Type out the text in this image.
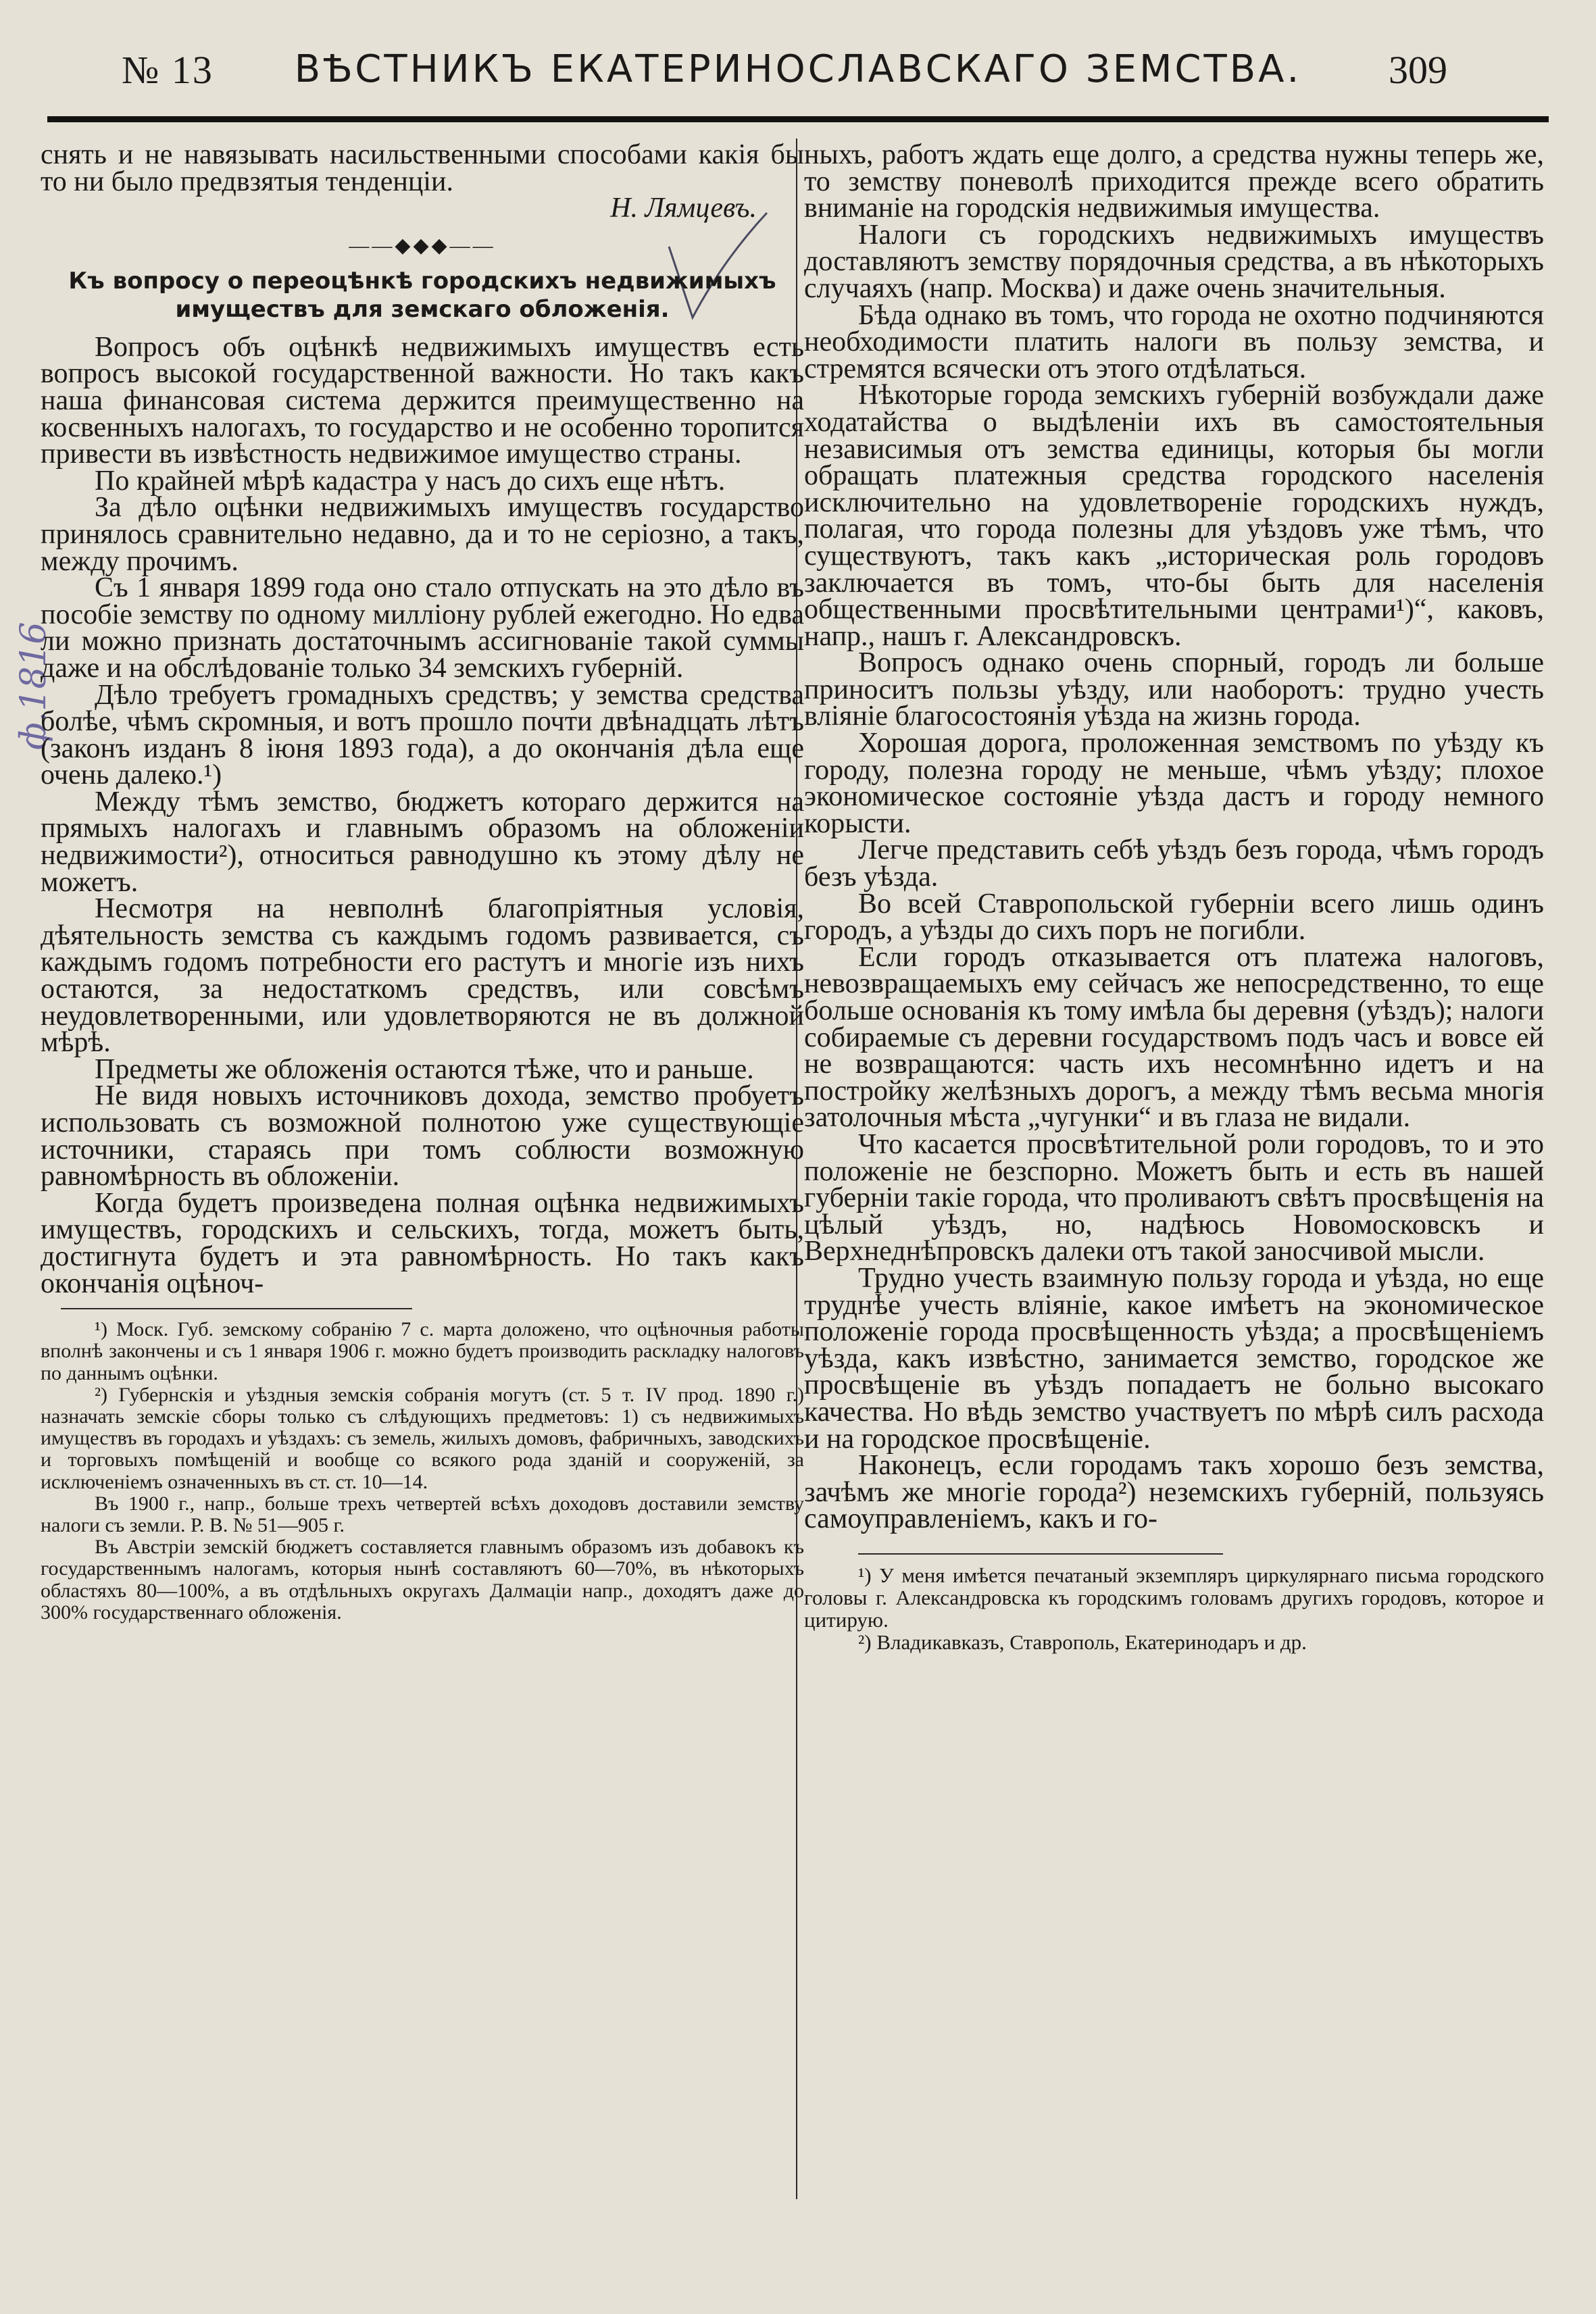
№ 13	ВѢСТНИКЪ ЕКАТЕРИНОСЛАВСКАГО ЗЕМСТВА.	309
ф.1816

снять и не навязывать насильственными способами какія бы то ни было предвзятыя тенденціи.

Н. Лямцевъ.

——◆◆◆——
Къ вопросу о переоцѣнкѣ городскихъ недвижимыхъ имуществъ для земскаго обложенія.

Вопросъ объ оцѣнкѣ недвижимыхъ имуществъ есть вопросъ высокой государственной важности. Но такъ какъ наша финансовая система держится преимущественно на косвенныхъ налогахъ, то государство и не особенно торопится привести въ извѣстность недвижимое имущество страны.

По крайней мѣрѣ кадастра у насъ до сихъ еще нѣтъ.

За дѣло оцѣнки недвижимыхъ имуществъ государство принялось сравнительно недавно, да и то не серіозно, а такъ, между прочимъ.

Съ 1 января 1899 года оно стало отпускать на это дѣло въ пособіе земству по одному милліону рублей ежегодно. Но едва ли можно признать достаточнымъ ассигнованіе такой суммы даже и на обслѣдованіе только 34 земскихъ губерній.

Дѣло требуетъ громадныхъ средствъ; у земства средства болѣе, чѣмъ скромныя, и вотъ прошло почти двѣнадцать лѣтъ (законъ изданъ 8 іюня 1893 года), а до окончанія дѣла еще очень далеко.¹)

Между тѣмъ земство, бюджетъ котораго держится на прямыхъ налогахъ и главнымъ образомъ на обложеніи недвижимости²), относиться равнодушно къ этому дѣлу не можетъ.

Несмотря на невполнѣ благопріятныя условія, дѣятельность земства съ каждымъ годомъ развивается, съ каждымъ годомъ потребности его растутъ и многіе изъ нихъ остаются, за недостаткомъ средствъ, или совсѣмъ неудовлетворенными, или удовлетворяются не въ должной мѣрѣ.

Предметы же обложенія остаются тѣже, что и раньше.

Не видя новыхъ источниковъ дохода, земство пробуетъ использовать съ возможной полнотою уже существующіе источники, стараясь при томъ соблюсти возможную равномѣрность въ обложеніи.

Когда будетъ произведена полная оцѣнка недвижимыхъ имуществъ, городскихъ и сельскихъ, тогда, можетъ быть, достигнута будетъ и эта равномѣрность. Но такъ какъ окончанія оцѣноч-

¹) Моск. Губ. земскому собранію 7 с. марта доложено, что оцѣночныя работы вполнѣ закончены и съ 1 января 1906 г. можно будетъ производить раскладку налоговъ по даннымъ оцѣнки.

²) Губернскія и уѣздныя земскія собранія могутъ (ст. 5 т. IV прод. 1890 г.) назначать земскіе сборы только съ слѣдующихъ предметовъ: 1) съ недвижимыхъ имуществъ въ городахъ и уѣздахъ: съ земель, жилыхъ домовъ, фабричныхъ, заводскихъ и торговыхъ помѣщеній и вообще со всякого рода зданій и сооруженій, за исключеніемъ означенныхъ въ ст. ст. 10—14.

Въ 1900 г., напр., больше трехъ четвертей всѣхъ доходовъ доставили земству налоги съ земли. Р. В. № 51—905 г.

Въ Австріи земскій бюджетъ составляется главнымъ образомъ изъ добавокъ къ государственнымъ налогамъ, которыя нынѣ составляютъ 60—70%, въ нѣкоторыхъ областяхъ 80—100%, а въ отдѣльныхъ округахъ Далмаціи напр., доходятъ даже до 300% государственнаго обложенія.

ныхъ, работъ ждать еще долго, а средства нужны теперь же, то земству поневолѣ приходится прежде всего обратить вниманіе на городскія недвижимыя имущества.

Налоги съ городскихъ недвижимыхъ имуществъ доставляютъ земству порядочныя средства, а въ нѣкоторыхъ случаяхъ (напр. Москва) и даже очень значительныя.

Бѣда однако въ томъ, что города не охотно подчиняются необходимости платить налоги въ пользу земства, и стремятся всячески отъ этого отдѣлаться.

Нѣкоторые города земскихъ губерній возбуждали даже ходатайства о выдѣленіи ихъ въ самостоятельныя независимыя отъ земства единицы, которыя бы могли обращать платежныя средства городского населенія исключительно на удовлетвореніе городскихъ нуждъ, полагая, что города полезны для уѣздовъ уже тѣмъ, что существуютъ, такъ какъ „историческая роль городовъ заключается въ томъ, что-бы быть для населенія общественными просвѣтительными центрами¹)“, каковъ, напр., нашъ г. Александровскъ.

Вопросъ однако очень спорный, городъ ли больше приноситъ пользы уѣзду, или наоборотъ: трудно учесть вліяніе благосостоянія уѣзда на жизнь города.

Хорошая дорога, проложенная земствомъ по уѣзду къ городу, полезна городу не меньше, чѣмъ уѣзду; плохое экономическое состояніе уѣзда дастъ и городу немного корысти.

Легче представить себѣ уѣздъ безъ города, чѣмъ городъ безъ уѣзда.

Во всей Ставропольской губерніи всего лишь одинъ городъ, а уѣзды до сихъ поръ не погибли.

Если городъ отказывается отъ платежа налоговъ, невозвращаемыхъ ему сейчасъ же непосредственно, то еще больше основанія къ тому имѣла бы деревня (уѣздъ); налоги собираемые съ деревни государствомъ подъ часъ и вовсе ей не возвращаются: часть ихъ несомнѣнно идетъ и на постройку желѣзныхъ дорогъ, а между тѣмъ весьма многія затолочныя мѣста „чугунки“ и въ глаза не видали.

Что касается просвѣтительной роли городовъ, то и это положеніе не безспорно. Можетъ быть и есть въ нашей губерніи такіе города, что проливаютъ свѣтъ просвѣщенія на цѣлый уѣздъ, но, надѣюсь Новомосковскъ и Верхнеднѣпровскъ далеки отъ такой заносчивой мысли.

Трудно учесть взаимную пользу города и уѣзда, но еще труднѣе учесть вліяніе, какое имѣетъ на экономическое положеніе города просвѣщенность уѣзда; а просвѣщеніемъ уѣзда, какъ извѣстно, занимается земство, городское же просвѣщеніе въ уѣздъ попадаетъ не больно высокаго качества. Но вѣдь земство участвуетъ по мѣрѣ силъ расхода и на городское просвѣщеніе.

Наконецъ, если городамъ такъ хорошо безъ земства, зачѣмъ же многіе города²) неземскихъ губерній, пользуясь самоуправленіемъ, какъ и го-

¹) У меня имѣется печатаный экземпляръ циркулярнаго письма городского головы г. Александровска къ городскимъ головамъ другихъ городовъ, которое и цитирую.

²) Владикавказъ, Ставрополь, Екатеринодаръ и др.
